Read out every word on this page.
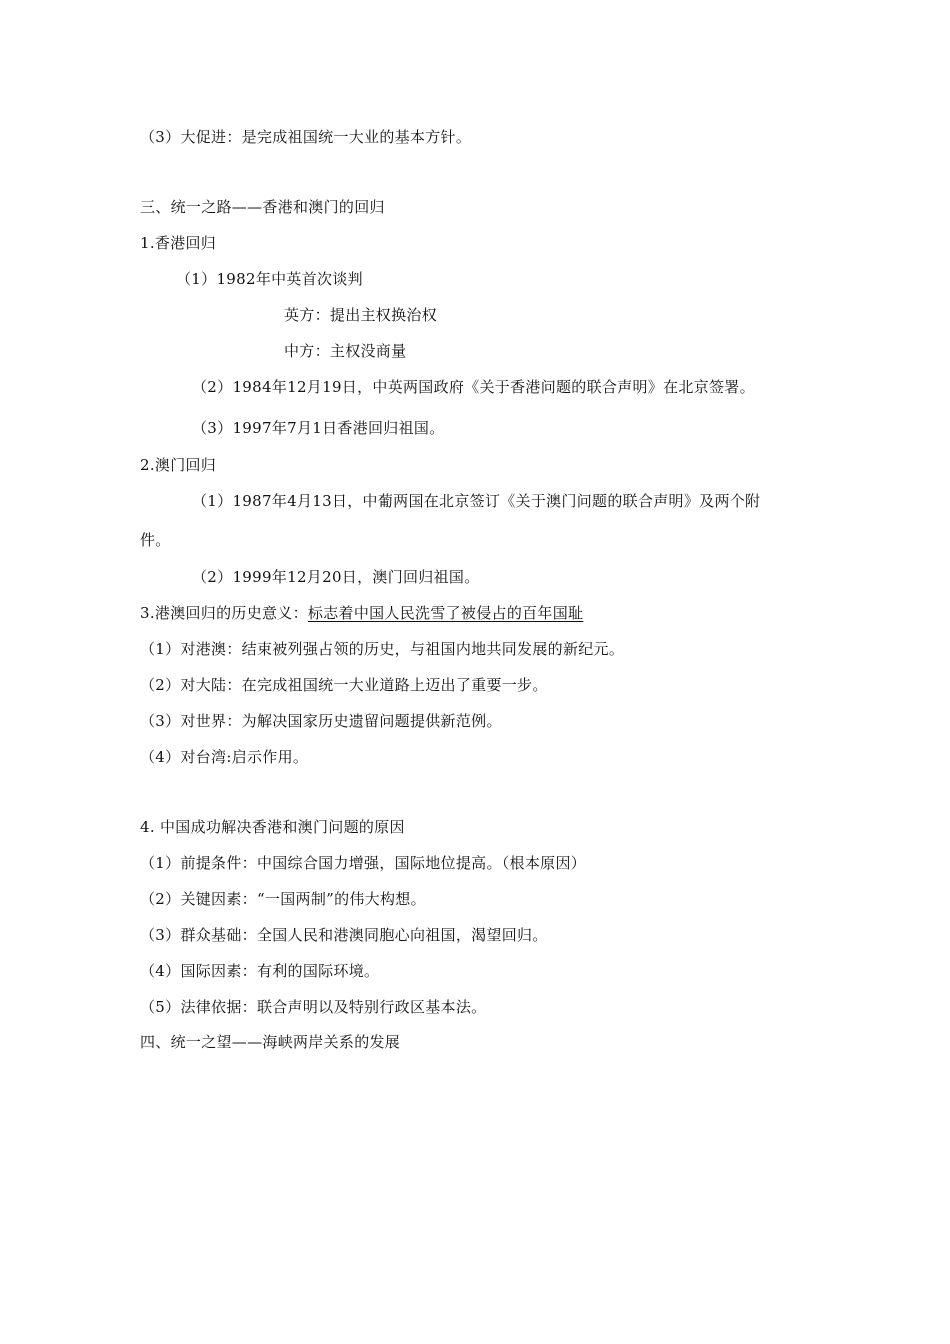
（3）大促进：是完成祖国统一大业的基本方针。
三、统一之路——香港和澳门的回归
1.香港回归
（1）1982年中英首次谈判
英方：提出主权换治权
中方：主权没商量
（2）1984年12月19日，中英两国政府《关于香港问题的联合声明》在北京签署。
（3）1997年7月1日香港回归祖国。
2.澳门回归
（1）1987年4月13日，中葡两国在北京签订《关于澳门问题的联合声明》及两个附
件。
（2）1999年12月20日，澳门回归祖国。
3.港澳回归的历史意义：标志着中国人民洗雪了被侵占的百年国耻
（1）对港澳：结束被列强占领的历史，与祖国内地共同发展的新纪元。
（2）对大陆：在完成祖国统一大业道路上迈出了重要一步。
（3）对世界：为解决国家历史遗留问题提供新范例。
（4）对台湾:启示作用。
4. 中国成功解决香港和澳门问题的原因
（1）前提条件：中国综合国力增强，国际地位提高。（根本原因）
（2）关键因素：“一国两制”的伟大构想。
（3）群众基础：全国人民和港澳同胞心向祖国，渴望回归。
（4）国际因素：有利的国际环境。
（5）法律依据：联合声明以及特别行政区基本法。
四、统一之望——海峡两岸关系的发展
